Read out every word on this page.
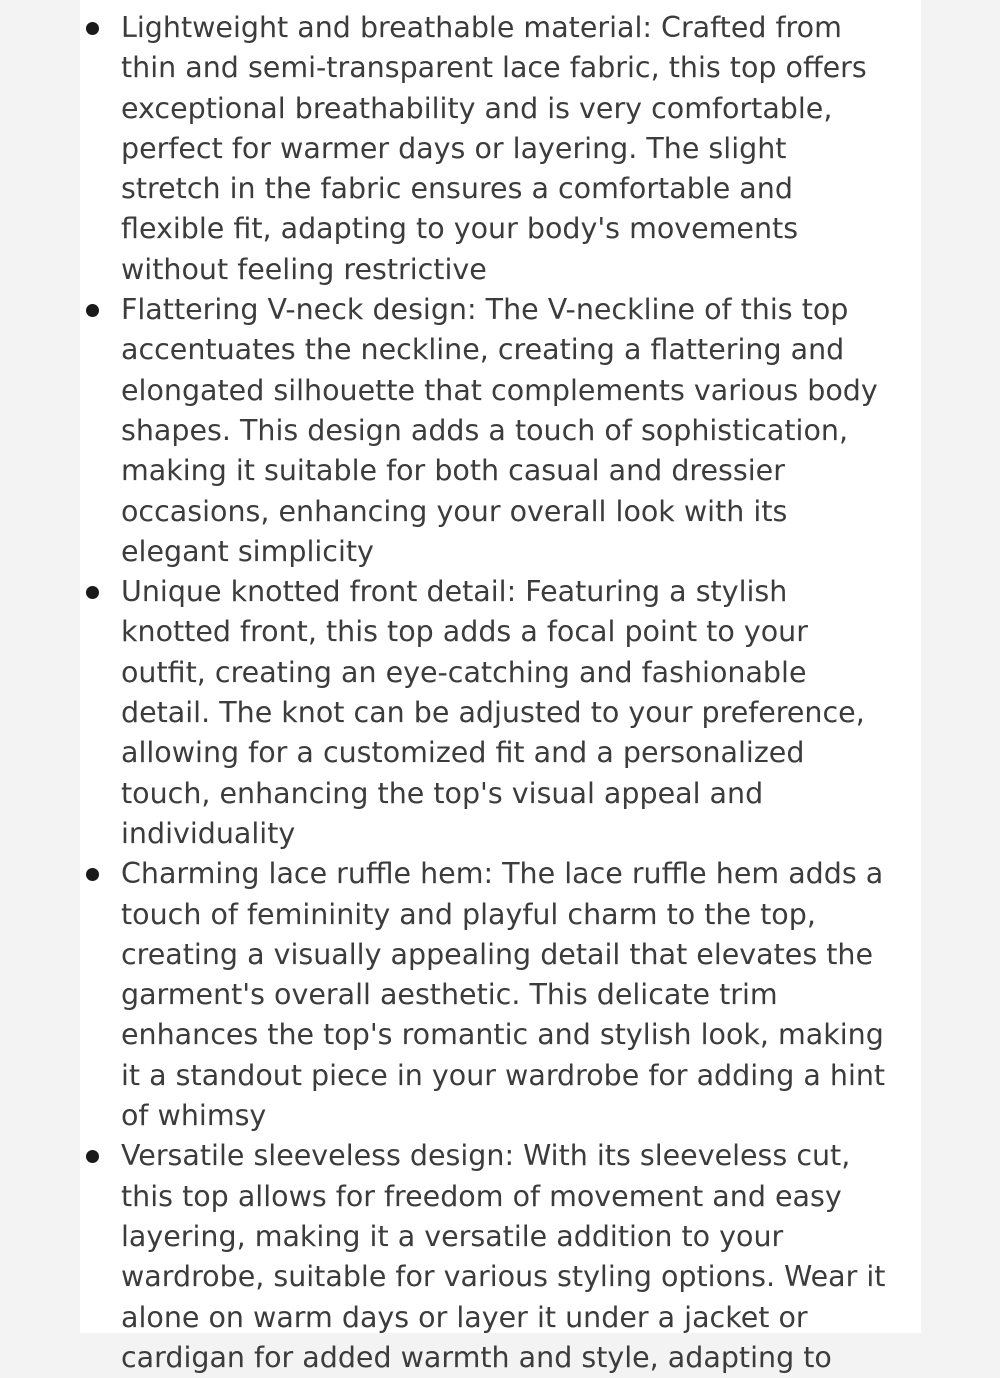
Lightweight and breathable material: Crafted from thin and semi-transparent lace fabric, this top offers exceptional breathability and is very comfortable, perfect for warmer days or layering. The slight stretch in the fabric ensures a comfortable and flexible fit, adapting to your body's movements without feeling restrictive
Flattering V-neck design: The V-neckline of this top accentuates the neckline, creating a flattering and elongated silhouette that complements various body shapes. This design adds a touch of sophistication, making it suitable for both casual and dressier occasions, enhancing your overall look with its elegant simplicity
Unique knotted front detail: Featuring a stylish knotted front, this top adds a focal point to your outfit, creating an eye-catching and fashionable detail. The knot can be adjusted to your preference, allowing for a customized fit and a personalized touch, enhancing the top's visual appeal and individuality
Charming lace ruffle hem: The lace ruffle hem adds a touch of femininity and playful charm to the top, creating a visually appealing detail that elevates the garment's overall aesthetic. This delicate trim enhances the top's romantic and stylish look, making it a standout piece in your wardrobe for adding a hint of whimsy
Versatile sleeveless design: With its sleeveless cut, this top allows for freedom of movement and easy layering, making it a versatile addition to your wardrobe, suitable for various styling options. Wear it alone on warm days or layer it under a jacket or cardigan for added warmth and style, adapting to
